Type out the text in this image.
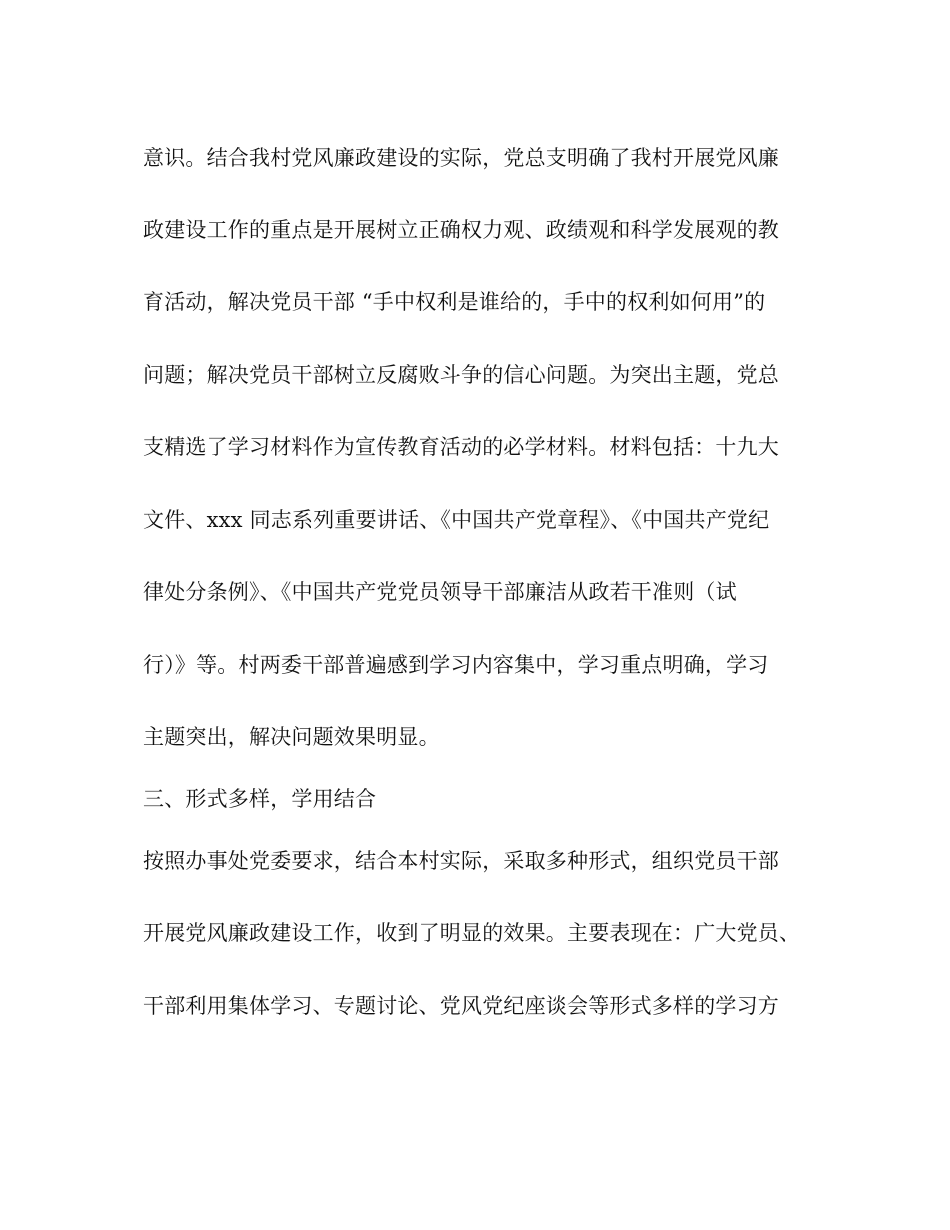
意识。结合我村党风廉政建设的实际，党总支明确了我村开展党风廉
政建设工作的重点是开展树立正确权力观、政绩观和科学发展观的教
育活动，解决党员干部 “手中权利是谁给的，手中的权利如何用”的
问题；解决党员干部树立反腐败斗争的信心问题。为突出主题，党总
支精选了学习材料作为宣传教育活动的必学材料。材料包括：十九大
文件、xxx 同志系列重要讲话、《中国共产党章程》、《中国共产党纪
律处分条例》、《中国共产党党员领导干部廉洁从政若干准则（试
行）》等。村两委干部普遍感到学习内容集中，学习重点明确，学习
主题突出，解决问题效果明显。
三、形式多样，学用结合
按照办事处党委要求，结合本村实际，采取多种形式，组织党员干部
开展党风廉政建设工作，收到了明显的效果。主要表现在：广大党员、
干部利用集体学习、专题讨论、党风党纪座谈会等形式多样的学习方
